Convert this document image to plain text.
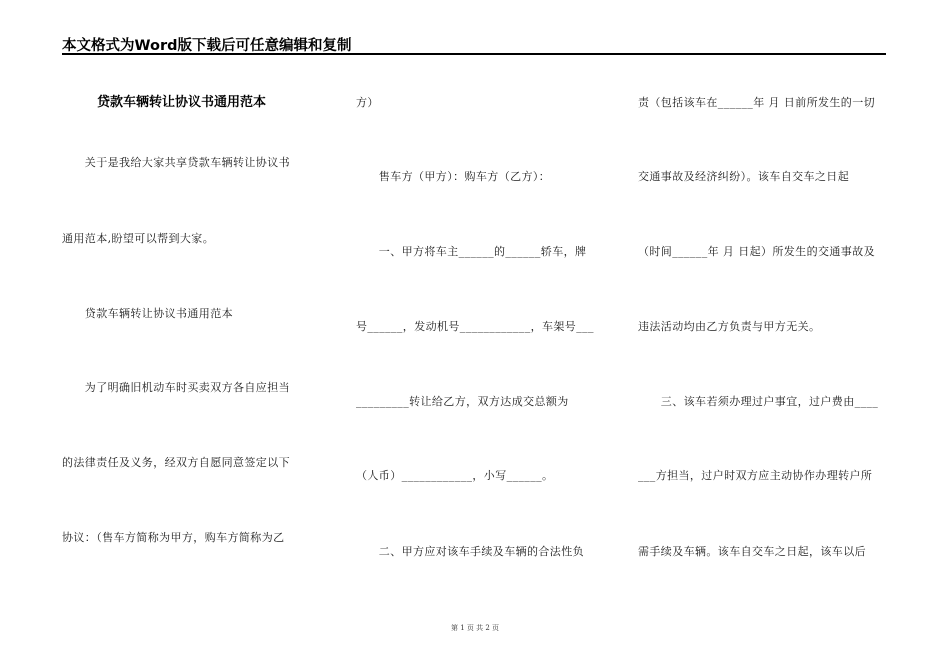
本文格式为Word版下载后可任意编辑和复制
贷款车辆转让协议书通用范本
　　关于是我给大家共享贷款车辆转让协议书
通用范本,盼望可以帮到大家。
　　贷款车辆转让协议书通用范本
　　为了明确旧机动车时买卖双方各自应担当
的法律责任及义务，经双方自愿同意签定以下
协议：（售车方简称为甲方，购车方简称为乙
方）
　　售车方（甲方）：购车方（乙方）：
　　一、甲方将车主______的______轿车，牌
号______，发动机号____________，车架号___
_________转让给乙方，双方达成交总额为
（人币）____________，小写______。
　　二、甲方应对该车手续及车辆的合法性负
责（包括该车在______年 月 日前所发生的一切
交通事故及经济纠纷）。该车自交车之日起
（时间______年 月 日起）所发生的交通事故及
违法活动均由乙方负责与甲方无关。
　　三、该车若须办理过户事宜，过户费由____
___方担当，过户时双方应主动协作办理转户所
需手续及车辆。该车自交车之日起，该车以后
第 1 页 共 2 页
